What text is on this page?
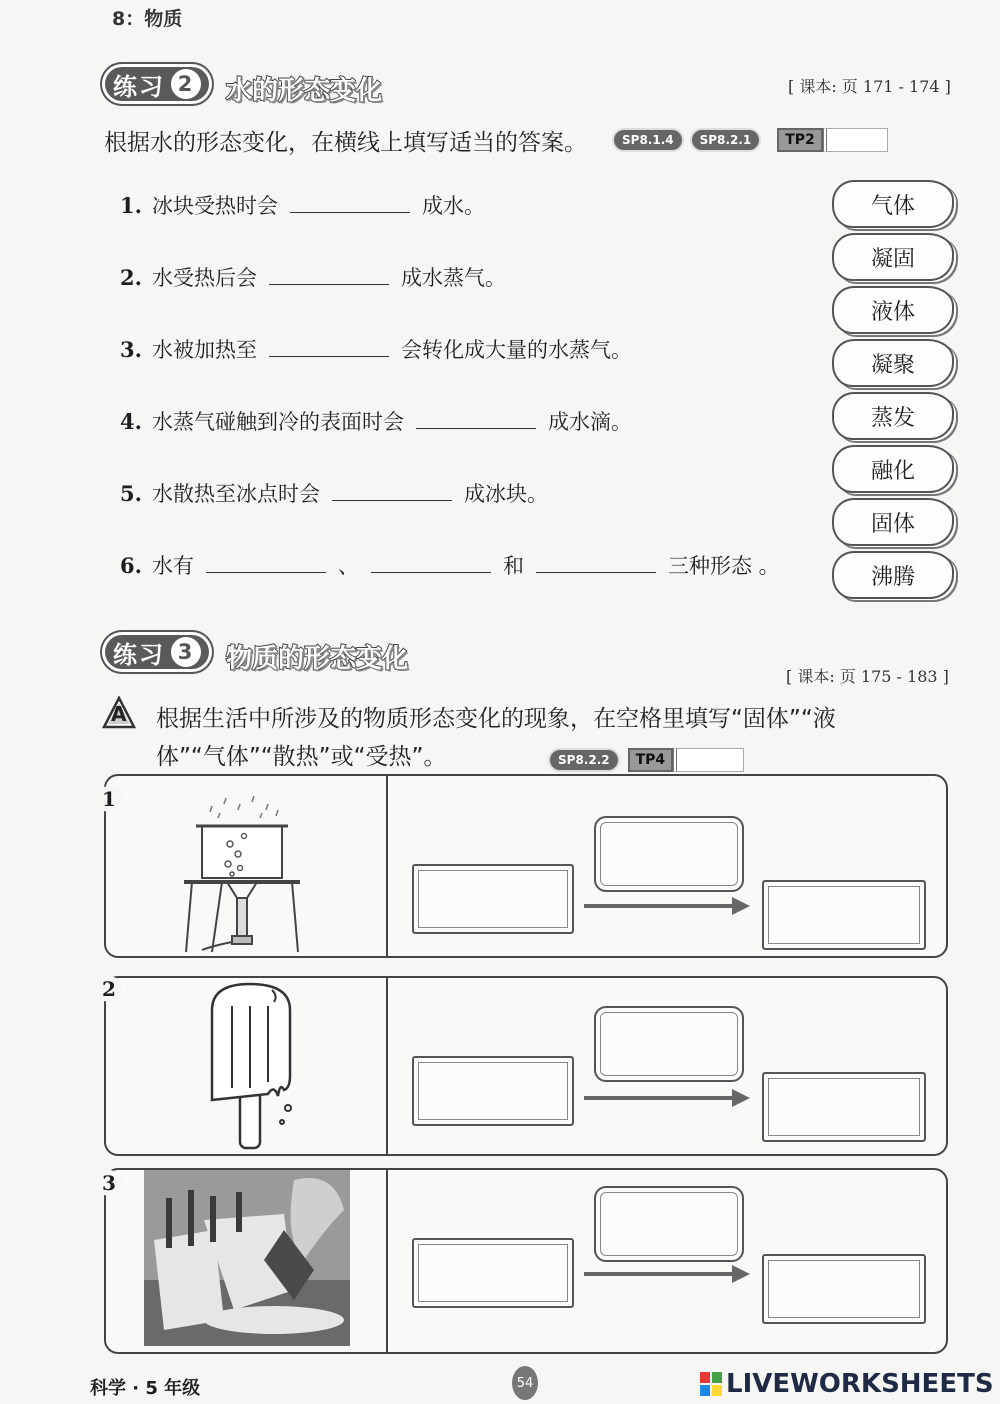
8：物质
练习 2 水的形态变化	[ 课本: 页 171 - 174 ]
根据水的形态变化，在横线上填写适当的答案。	SP8.1.4	SP8.2.1	TP2
1. 冰块受热时会	成水。
2. 水受热后会	成水蒸气。
3. 水被加热至	会转化成大量的水蒸气。
4. 水蒸气碰触到冷的表面时会	成水滴。
5. 水散热至冰点时会	成冰块。
6. 水有	、	和	三种形态 。
气体
凝固
液体
凝聚
蒸发
融化
固体
沸腾
练习 3 物质的形态变化
[ 课本: 页 175 - 183 ]
A 根据生活中所涉及的物质形态变化的现象，在空格里填写“固体”“液
体”“气体”“散热”或“受热”。	SP8.2.2	TP4
1
2
3
科学 · 5 年级	54	LIVEWORKSHEETS
